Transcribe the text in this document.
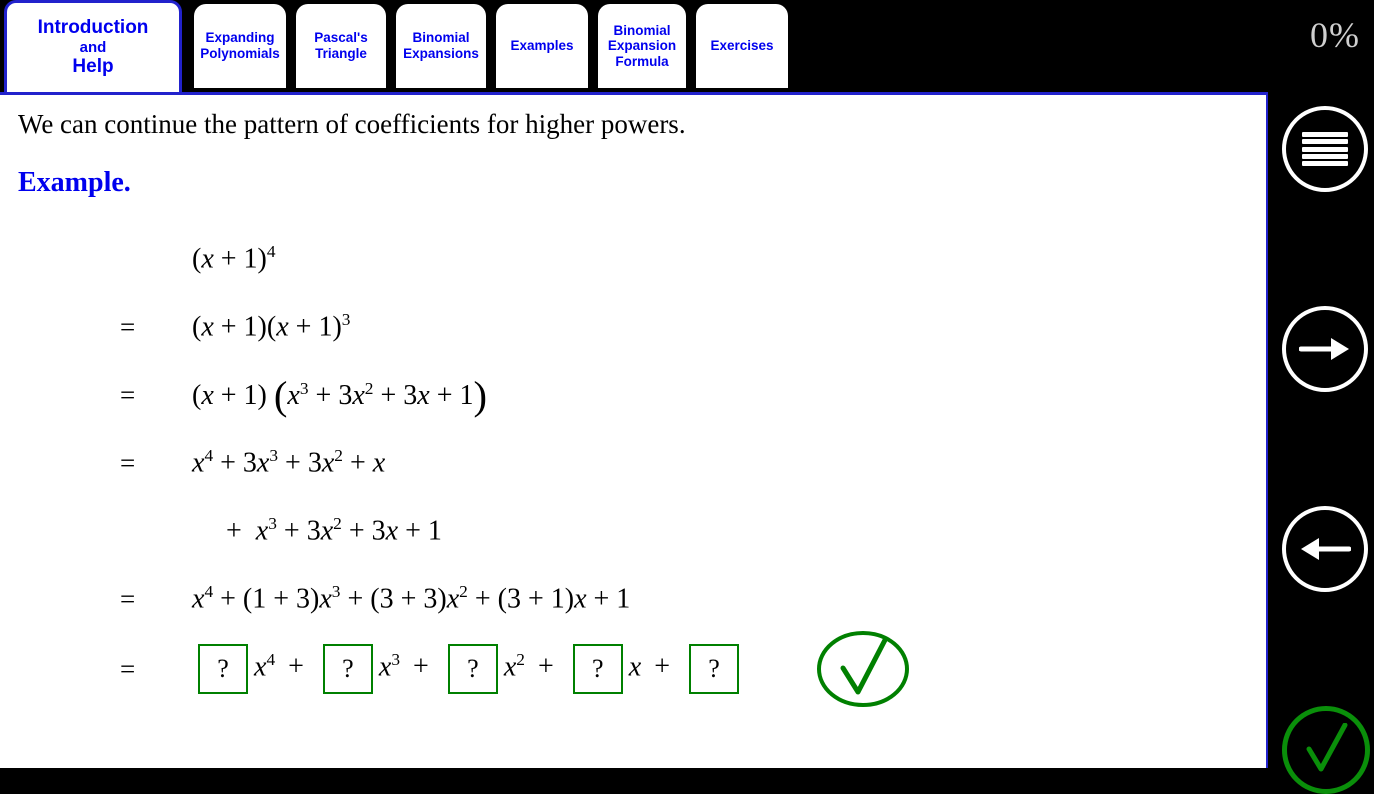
Introduction
and
Help
Expanding
Polynomials
Pascal's
Triangle
Binomial
Expansions
Examples
Binomial
Expansion
Formula
Exercises	0%
We can continue the pattern of coefficients for higher powers.
Example.
$(x + 1)^4$
=	$(x + 1)(x + 1)^3$
=	(x + 1) $(x^3 + 3x^2 + 3x + 1)$
=	$x^4 + 3x^3 + 3x^2 + x$
+ $x^3 + 3x^2 + 3x + 1$
=	$x^4 + (1 + 3)x^3 + (3 + 3)x^2 + (3 + 1)x + 1$
=	? $x^4$ + ? $x^3$ + ? $x^2$ + ? x + ?
